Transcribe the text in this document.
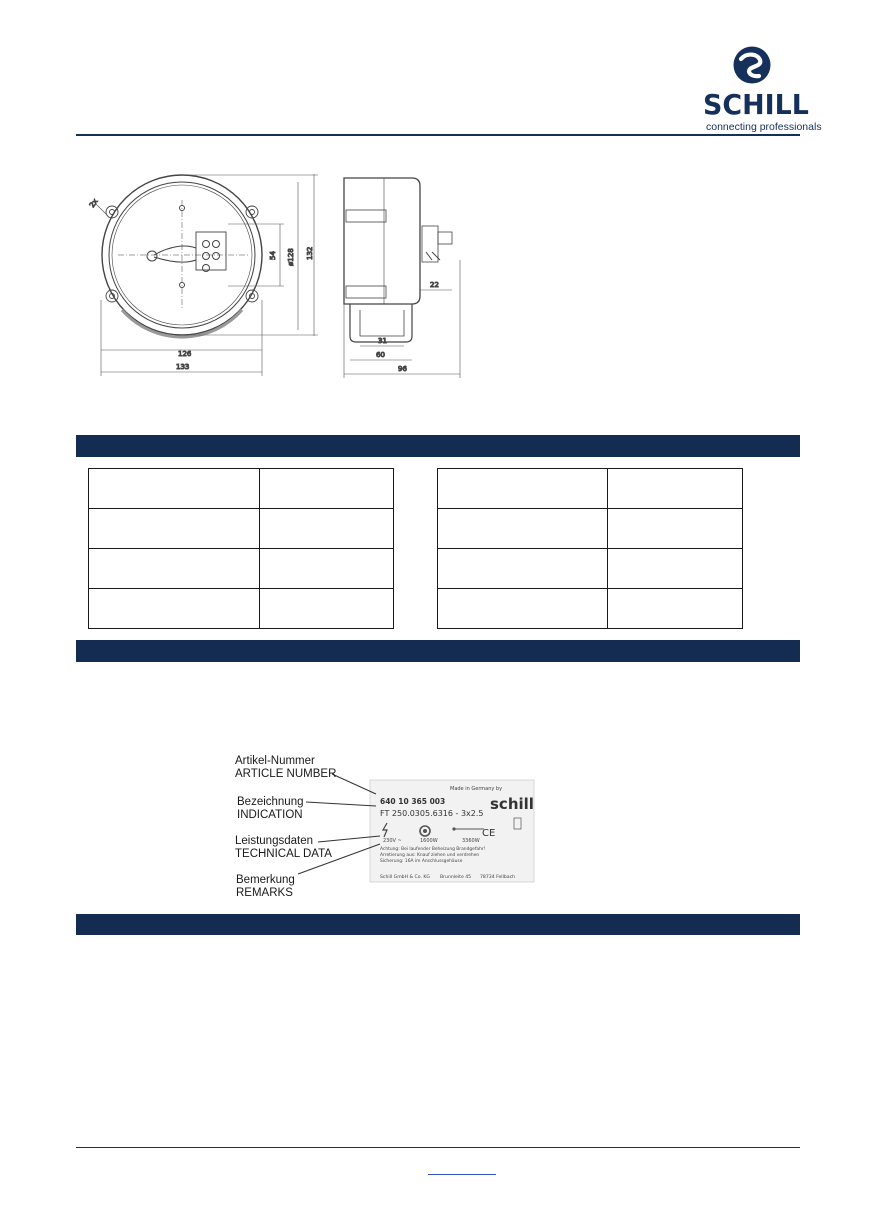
SCHILL
connecting professionals
126
133
54 ø128 132
2x
22
31
60
96

Made in Germany by
schill
640 10 365 003
FT 250.0305.6316 - 3x2.5
230V ~	1600W	3360W
CE
Achtung: Bei laufender Beheizung Brandgefahr!
Arretierung aus: Knauf ziehen und verdrehen
Sicherung: 16A im Anschlussgehäuse
Schill GmbH & Co. KG Brunnleite 45 78734 Fellbach
Artikel-Nummer
ARTICLE NUMBER
Bezeichnung
INDICATION
Leistungsdaten
TECHNICAL DATA
Bemerkung
REMARKS
